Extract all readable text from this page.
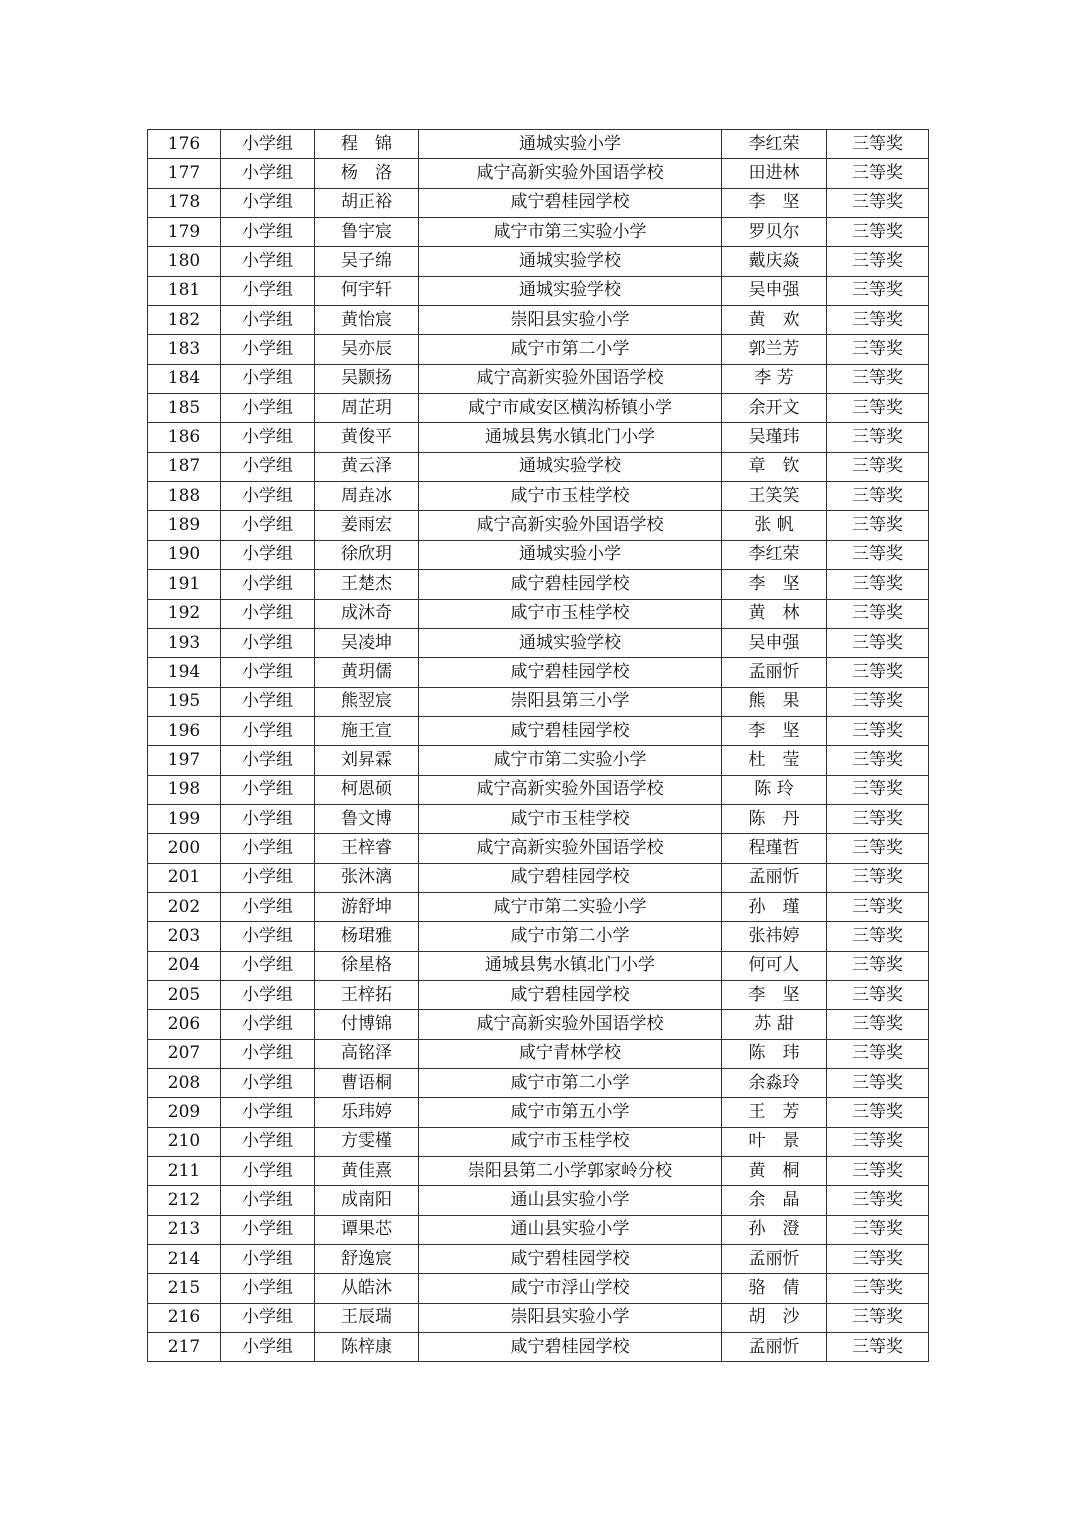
176	小学组	程　锦	通城实验小学	李红荣	三等奖
177	小学组	杨　洛	咸宁高新实验外国语学校	田进林	三等奖
178	小学组	胡正裕	咸宁碧桂园学校	李　坚	三等奖
179	小学组	鲁宇宸	咸宁市第三实验小学	罗贝尔	三等奖
180	小学组	吴子绵	通城实验学校	戴庆焱	三等奖
181	小学组	何宇轩	通城实验学校	吴申强	三等奖
182	小学组	黄怡宸	崇阳县实验小学	黄　欢	三等奖
183	小学组	吴亦辰	咸宁市第二小学	郭兰芳	三等奖
184	小学组	吴颢扬	咸宁高新实验外国语学校	李 芳	三等奖
185	小学组	周芷玥	咸宁市咸安区横沟桥镇小学	余开文	三等奖
186	小学组	黄俊平	通城县隽水镇北门小学	吴瑾玮	三等奖
187	小学组	黄云泽	通城实验学校	章　钦	三等奖
188	小学组	周垚冰	咸宁市玉桂学校	王笑笑	三等奖
189	小学组	姜雨宏	咸宁高新实验外国语学校	张 帆	三等奖
190	小学组	徐欣玥	通城实验小学	李红荣	三等奖
191	小学组	王楚杰	咸宁碧桂园学校	李　坚	三等奖
192	小学组	成沐奇	咸宁市玉桂学校	黄　林	三等奖
193	小学组	吴凌坤	通城实验学校	吴申强	三等奖
194	小学组	黄玥儒	咸宁碧桂园学校	孟丽忻	三等奖
195	小学组	熊翌宸	崇阳县第三小学	熊　果	三等奖
196	小学组	施王宣	咸宁碧桂园学校	李　坚	三等奖
197	小学组	刘昇霖	咸宁市第二实验小学	杜　莹	三等奖
198	小学组	柯恩硕	咸宁高新实验外国语学校	陈 玲	三等奖
199	小学组	鲁文博	咸宁市玉桂学校	陈　丹	三等奖
200	小学组	王梓睿	咸宁高新实验外国语学校	程瑾哲	三等奖
201	小学组	张沐漓	咸宁碧桂园学校	孟丽忻	三等奖
202	小学组	游舒坤	咸宁市第二实验小学	孙　瑾	三等奖
203	小学组	杨珺雅	咸宁市第二小学	张祎婷	三等奖
204	小学组	徐星格	通城县隽水镇北门小学	何可人	三等奖
205	小学组	王梓拓	咸宁碧桂园学校	李　坚	三等奖
206	小学组	付博锦	咸宁高新实验外国语学校	苏 甜	三等奖
207	小学组	高铭泽	咸宁青林学校	陈　玮	三等奖
208	小学组	曹语桐	咸宁市第二小学	余淼玲	三等奖
209	小学组	乐玮婷	咸宁市第五小学	王　芳	三等奖
210	小学组	方雯槿	咸宁市玉桂学校	叶　景	三等奖
211	小学组	黄佳熹	崇阳县第二小学郭家岭分校	黄　桐	三等奖
212	小学组	成南阳	通山县实验小学	余　晶	三等奖
213	小学组	谭果芯	通山县实验小学	孙　澄	三等奖
214	小学组	舒逸宸	咸宁碧桂园学校	孟丽忻	三等奖
215	小学组	从皓沐	咸宁市浮山学校	骆　倩	三等奖
216	小学组	王辰瑞	崇阳县实验小学	胡　沙	三等奖
217	小学组	陈梓康	咸宁碧桂园学校	孟丽忻	三等奖
